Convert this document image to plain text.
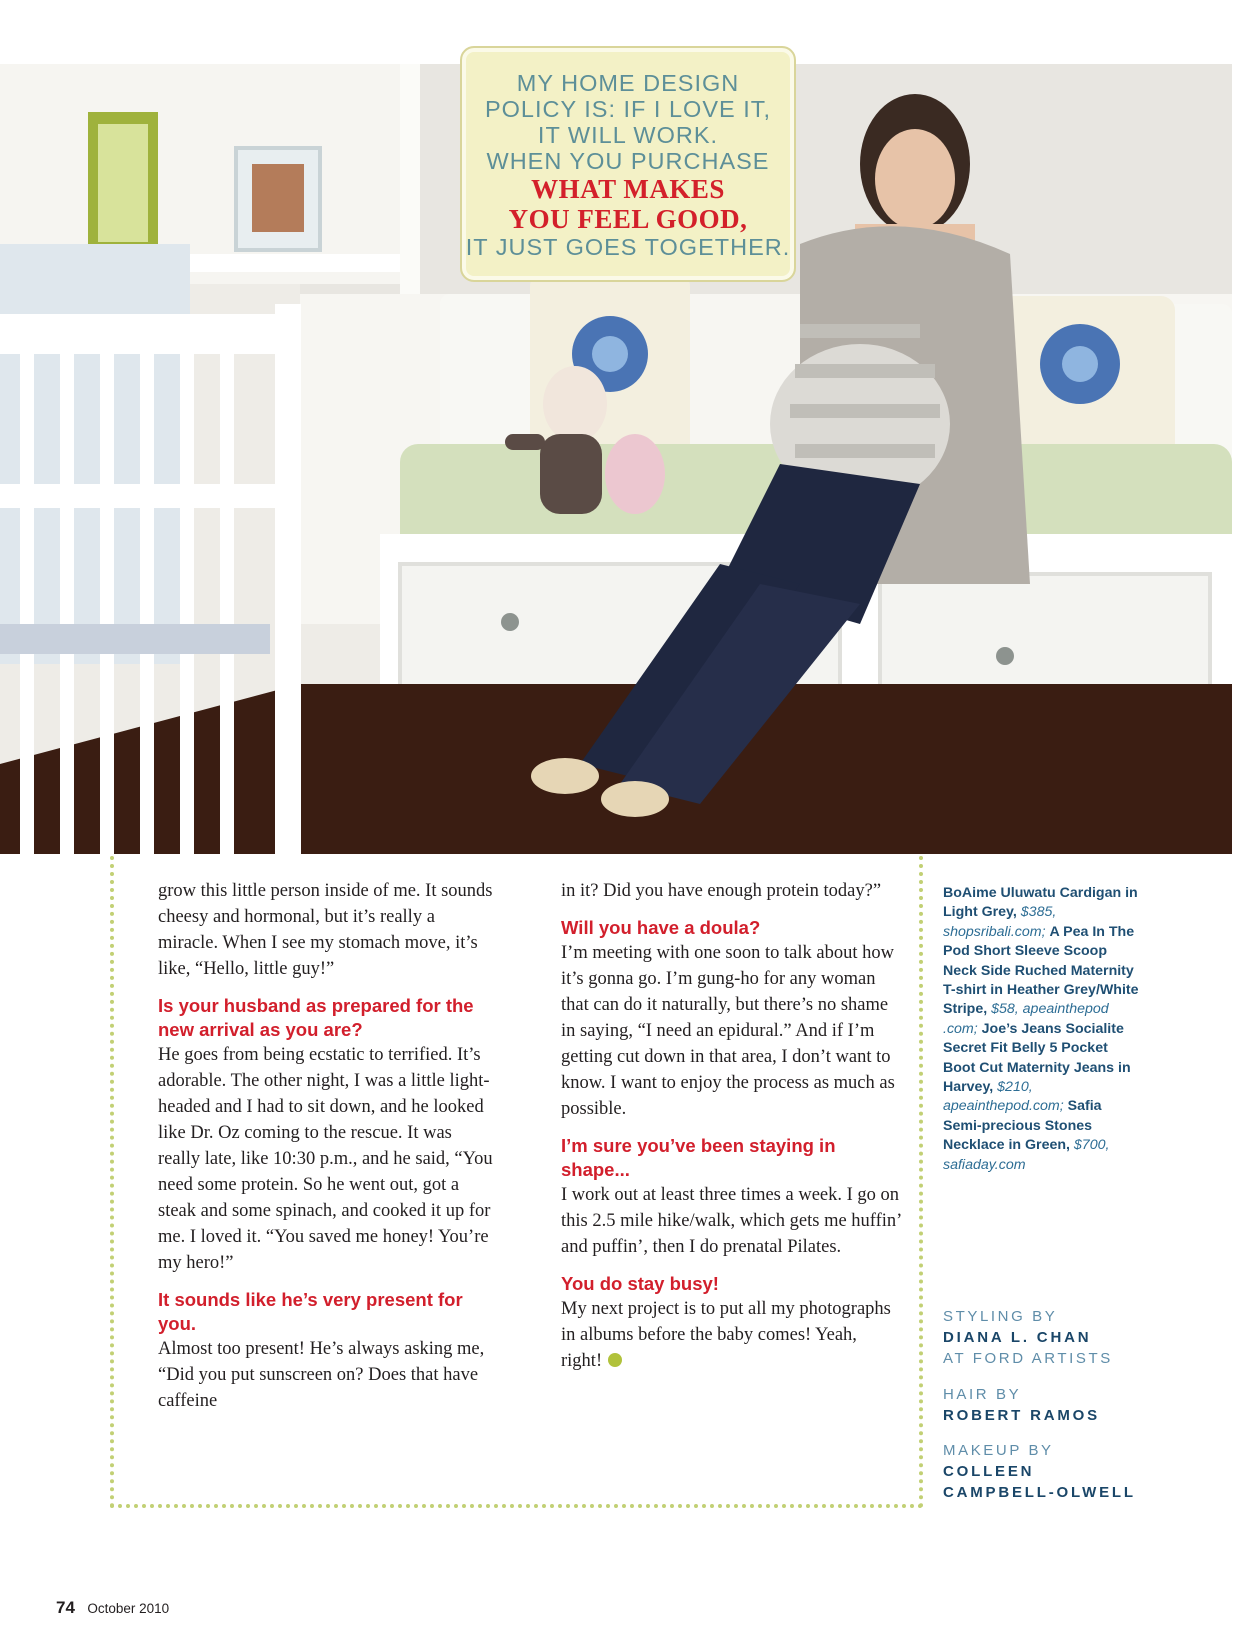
MY HOME DESIGN
POLICY IS: IF I LOVE IT,
IT WILL WORK.
WHEN YOU PURCHASE
WHAT MAKES
YOU FEEL GOOD,
IT JUST GOES TOGETHER.

grow this little person inside of me. It sounds cheesy and hormonal, but it’s really a miracle. When I see my stomach move, it’s like, “Hello, little guy!”

Is your husband as prepared for the new arrival as you are?

He goes from being ecstatic to terrified. It’s adorable. The other night, I was a little light-headed and I had to sit down, and he looked like Dr. Oz coming to the rescue. It was really late, like 10:30 p.m., and he said, “You need some protein. So he went out, got a steak and some spinach, and cooked it up for me. I loved it. “You saved me honey! You’re my hero!”

It sounds like he’s very present for you.

Almost too present! He’s always asking me, “Did you put sunscreen on? Does that have caffeine

in it? Did you have enough protein today?”

Will you have a doula?

I’m meeting with one soon to talk about how it’s gonna go. I’m gung-ho for any woman that can do it naturally, but there’s no shame in saying, “I need an epidural.” And if I’m getting cut down in that area, I don’t want to know. I want to enjoy the process as much as possible.

I’m sure you’ve been staying in shape...

I work out at least three times a week. I go on this 2.5 mile hike/walk, which gets me huffin’ and puffin’, then I do prenatal Pilates.

You do stay busy!

My next project is to put all my photographs in albums before the baby comes! Yeah, right!

BoAime Uluwatu Cardigan in Light Grey, $385, shopsribali.com; A Pea In The Pod Short Sleeve Scoop Neck Side Ruched Maternity T-shirt in Heather Grey/White Stripe, $58, apeainthepod .com; Joe’s Jeans Socialite Secret Fit Belly 5 Pocket Boot Cut Maternity Jeans in Harvey, $210, apeainthepod.com; Safia Semi-precious Stones Necklace in Green, $700, safiaday.com
STYLING BY
DIANA L. CHAN
AT FORD ARTISTS
HAIR BY
ROBERT RAMOS
MAKEUP BY
COLLEEN
CAMPBELL-OLWELL
74 October 2010
